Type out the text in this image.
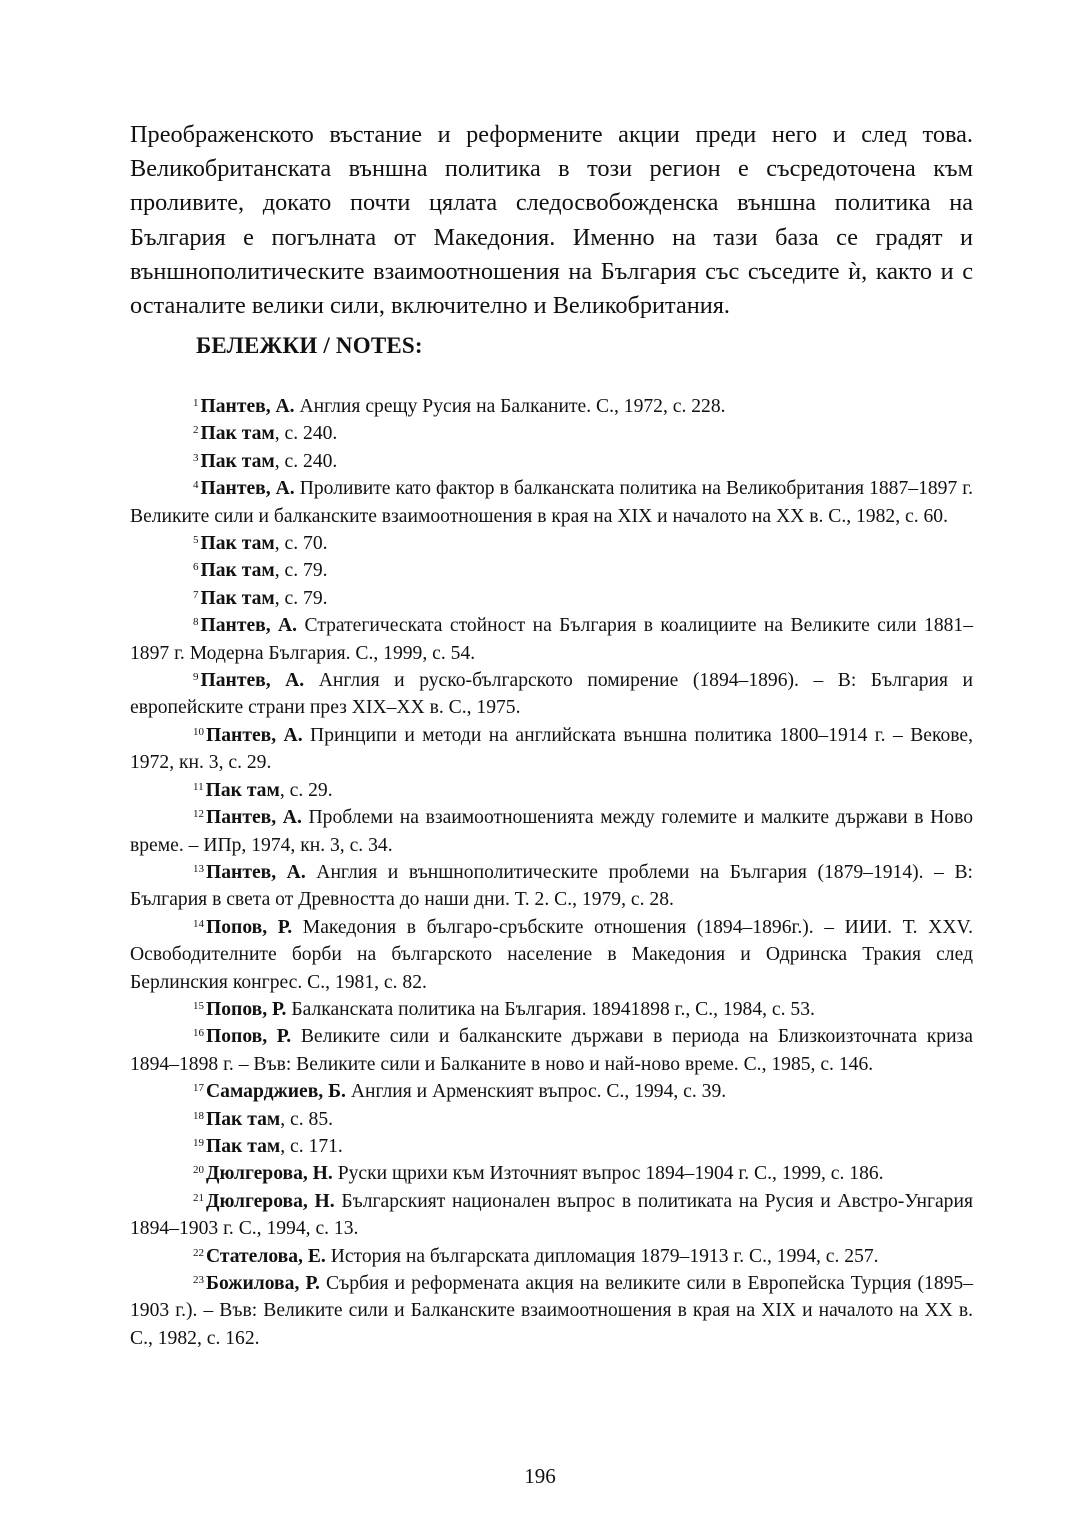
Преображенското въстание и реформените акции преди него и след това. Великобританската външна политика в този регион е съсредоточена към проливите, докато почти цялата следосвобожденска външна политика на България е погълната от Македония. Именно на тази база се градят и външнополитическите взаимоотношения на България със съседите ѝ, както и с останалите велики сили, включително и Великобритания.

БЕЛЕЖКИ / NOTES:

$^1$ Пантев, А. Англия срещу Русия на Балканите. С., 1972, с. 228.

$^2$ Пак там, с. 240.

$^3$ Пак там, с. 240.

$^4$ Пантев, А. Проливите като фактор в балканската политика на Великобритания 1887–1897 г. Великите сили и балканските взаимоотношения в края на XIX и началото на XX в. С., 1982, с. 60.

$^5$ Пак там, с. 70.

$^6$ Пак там, с. 79.

$^7$ Пак там, с. 79.

$^8$ Пантев, А. Стратегическата стойност на България в коалициите на Великите сили 1881–1897 г. Модерна България. С., 1999, с. 54.

$^9$ Пантев, А. Англия и руско-българското помирение (1894–1896). – В: България и европейските страни през XIX–XX в. С., 1975.

$^{10}$ Пантев, А. Принципи и методи на английската външна политика 1800–1914 г. – Векове, 1972, кн. 3, с. 29.

$^{11}$ Пак там, с. 29.

$^{12}$ Пантев, А. Проблеми на взаимоотношенията между големите и малките държави в Ново време. – ИПр, 1974, кн. 3, с. 34.

$^{13}$ Пантев, А. Англия и външнополитическите проблеми на България (1879–1914). – В: България в света от Древността до наши дни. Т. 2. С., 1979, с. 28.

$^{14}$ Попов, Р. Македония в българо-сръбските отношения (1894–1896г.). – ИИИ. Т. XXV. Освободителните борби на българското население в Македония и Одринска Тракия след Берлинския конгрес. С., 1981, с. 82.

$^{15}$ Попов, Р. Балканската политика на България. 18941898 г., С., 1984, с. 53.

$^{16}$ Попов, Р. Великите сили и балканските държави в периода на Близкоизточната криза 1894–1898 г. – Във: Великите сили и Балканите в ново и най-ново време. С., 1985, с. 146.

$^{17}$ Самарджиев, Б. Англия и Арменският въпрос. С., 1994, с. 39.

$^{18}$ Пак там, с. 85.

$^{19}$ Пак там, с. 171.

$^{20}$ Дюлгерова, Н. Руски щрихи към Източният въпрос 1894–1904 г. С., 1999, с. 186.

$^{21}$ Дюлгерова, Н. Българският национален въпрос в политиката на Русия и Австро-Унгария 1894–1903 г. С., 1994, с. 13.

$^{22}$ Стателова, Е. История на българската дипломация 1879–1913 г. С., 1994, с. 257.

$^{23}$ Божилова, Р. Сърбия и реформената акция на великите сили в Европейска Турция (1895–1903 г.). – Във: Великите сили и Балканските взаимоотношения в края на XIX и началото на XX в. С., 1982, с. 162.

196
